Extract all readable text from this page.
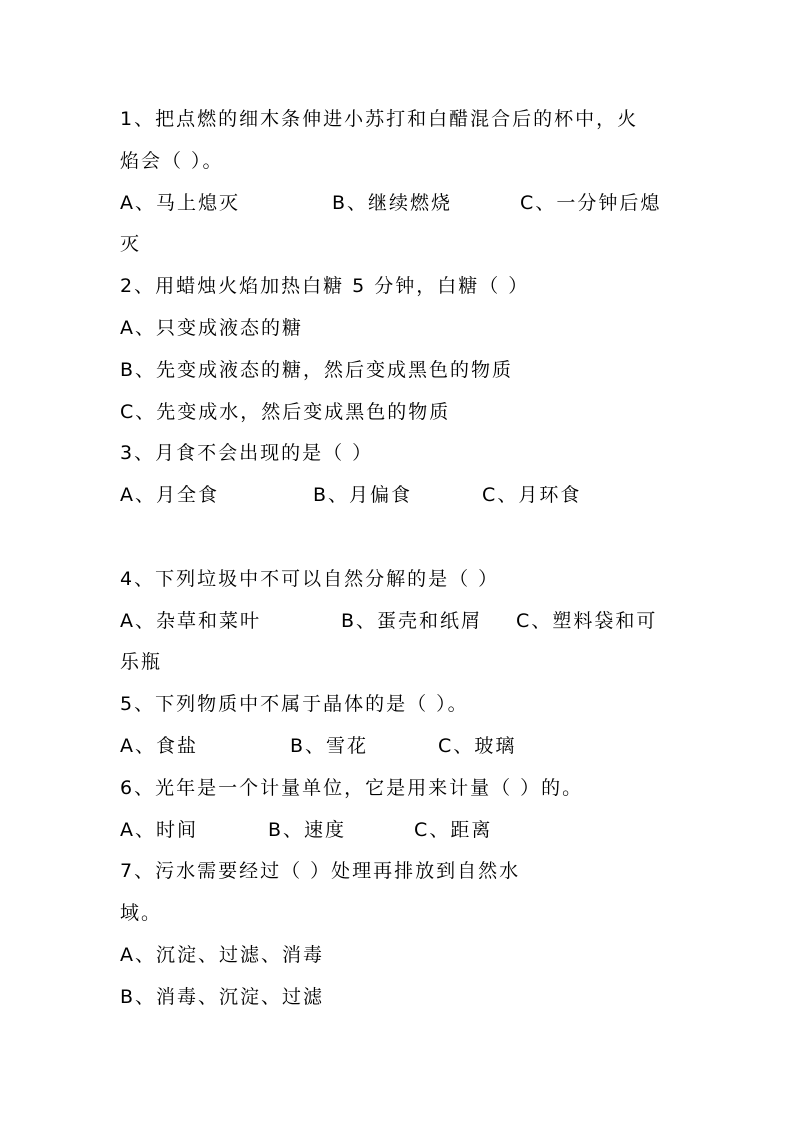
1、把点燃的细木条伸进小苏打和白醋混合后的杯中，火
焰会（ ）。
A、马上熄灭	B、继续燃烧	C、一分钟后熄
灭
2、用蜡烛火焰加热白糖 5 分钟，白糖（ ）
A、只变成液态的糖
B、先变成液态的糖，然后变成黑色的物质
C、先变成水，然后变成黑色的物质
3、月食不会出现的是（ ）
A、月全食	B、月偏食	C、月环食
4、下列垃圾中不可以自然分解的是（ ）
A、杂草和菜叶	B、蛋壳和纸屑 C、塑料袋和可
乐瓶
5、下列物质中不属于晶体的是（ ）。
A、食盐	B、雪花	C、玻璃
6、光年是一个计量单位，它是用来计量（ ）的。
A、时间	B、速度	C、距离
7、污水需要经过（ ）处理再排放到自然水
域。
A、沉淀、过滤、消毒
B、消毒、沉淀、过滤
